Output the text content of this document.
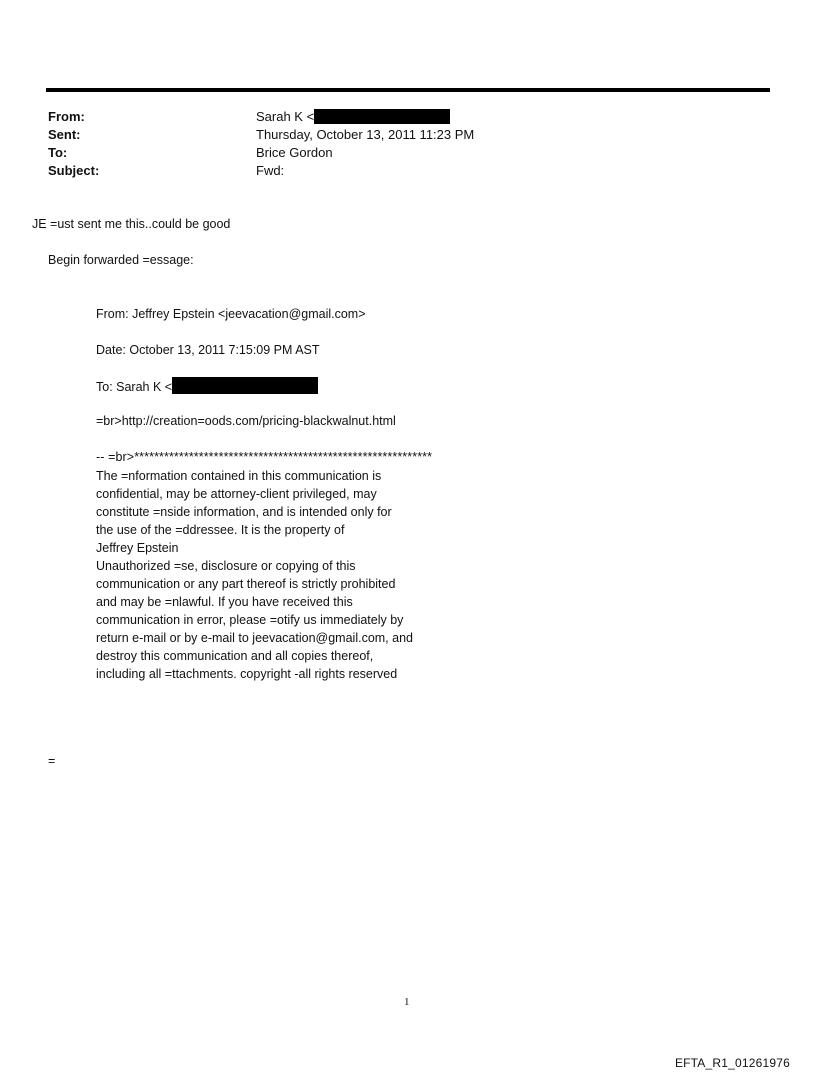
From:	Sarah K <
Sent:	Thursday, October 13, 2011 11:23 PM
To:	Brice Gordon
Subject:	Fwd:
JE =ust sent me this..could be good
Begin forwarded =essage:
From: Jeffrey Epstein <jeevacation@gmail.com>
Date: October 13, 2011 7:15:09 PM AST
To: Sarah K <
=br>http://creation=oods.com/pricing-blackwalnut.html
-- =br>************************************************************
The =nformation contained in this communication is
confidential, may be attorney-client privileged, may
constitute =nside information, and is intended only for
the use of the =ddressee. It is the property of
Jeffrey Epstein
Unauthorized =se, disclosure or copying of this
communication or any part thereof is strictly prohibited
and may be =nlawful. If you have received this
communication in error, please =otify us immediately by
return e-mail or by e-mail to jeevacation@gmail.com, and
destroy this communication and all copies thereof,
including all =ttachments. copyright -all rights reserved
=
1
EFTA_R1_01261976
